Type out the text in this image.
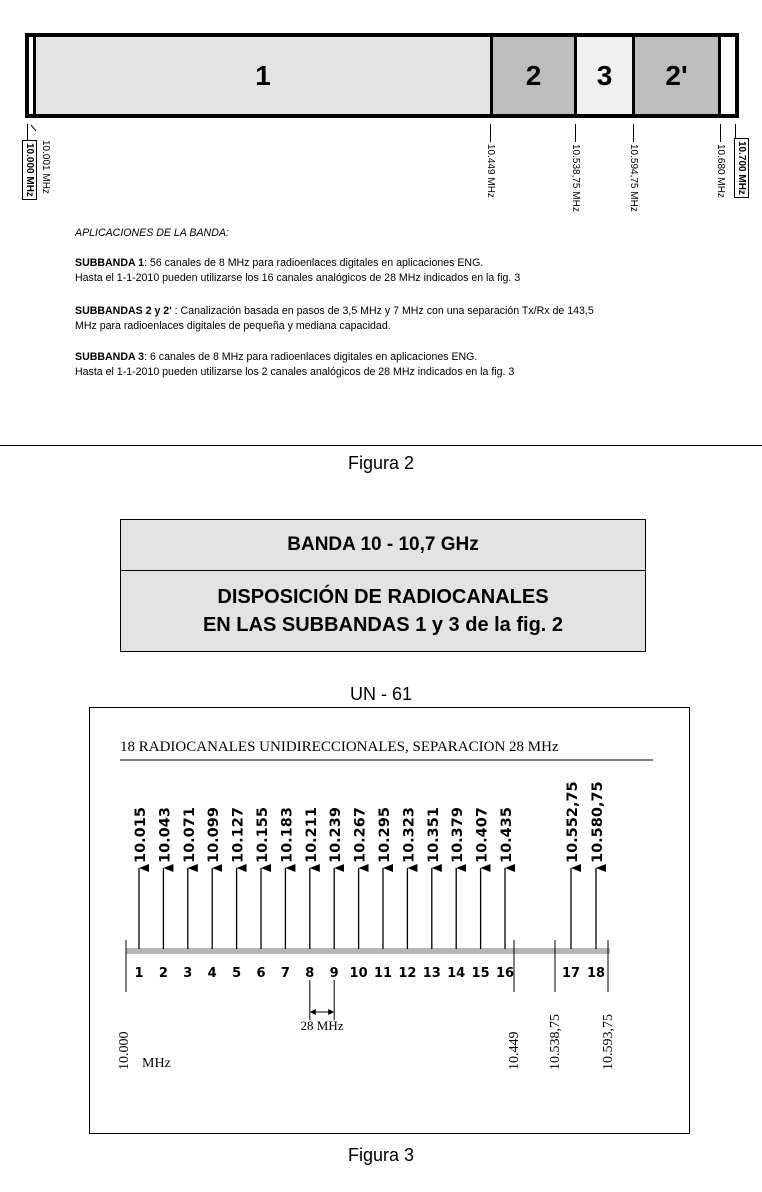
1	2 3 2'
10.001 MHz
10.000 MHz	10.449 MHz	10.538,75 MHz	10.594,75 MHz	10.680 MHz 10.700 MHz
APLICACIONES DE LA BANDA:
SUBBANDA 1: 56 canales de 8 MHz para radioenlaces digitales en aplicaciones ENG.
Hasta el 1-1-2010 pueden utilizarse los 16 canales analógicos de 28 MHz indicados en la fig. 3
SUBBANDAS 2 y 2' : Canalización basada en pasos de 3,5 MHz y 7 MHz con una separación Tx/Rx de 143,5
MHz para radioenlaces digitales de pequeña y mediana capacidad.
SUBBANDA 3: 6 canales de 8 MHz para radioenlaces digitales en aplicaciones ENG.
Hasta el 1-1-2010 pueden utilizarse los 2 canales analógicos de 28 MHz indicados en la fig. 3
Figura 2
BANDA 10 - 10,7 GHz
DISPOSICIÓN DE RADIOCANALES
EN LAS SUBBANDAS 1 y 3 de la fig. 2
UN - 61
18 RADIOCANALES UNIDIRECCIONALES, SEPARACION 28 MHz
10.015
1
10.043
2
10.071
3
10.099
4
10.127
5
10.155
6
10.183
7
10.211
8
10.239
9
10.267
10
10.295
11
10.323
12
10.351
13
10.379
14
10.407
15
10.435
16
10.552,75
17
10.580,75
18
28 MHz
10.000	10.449 10.538,75	10.593,75
MHz
Figura 3
